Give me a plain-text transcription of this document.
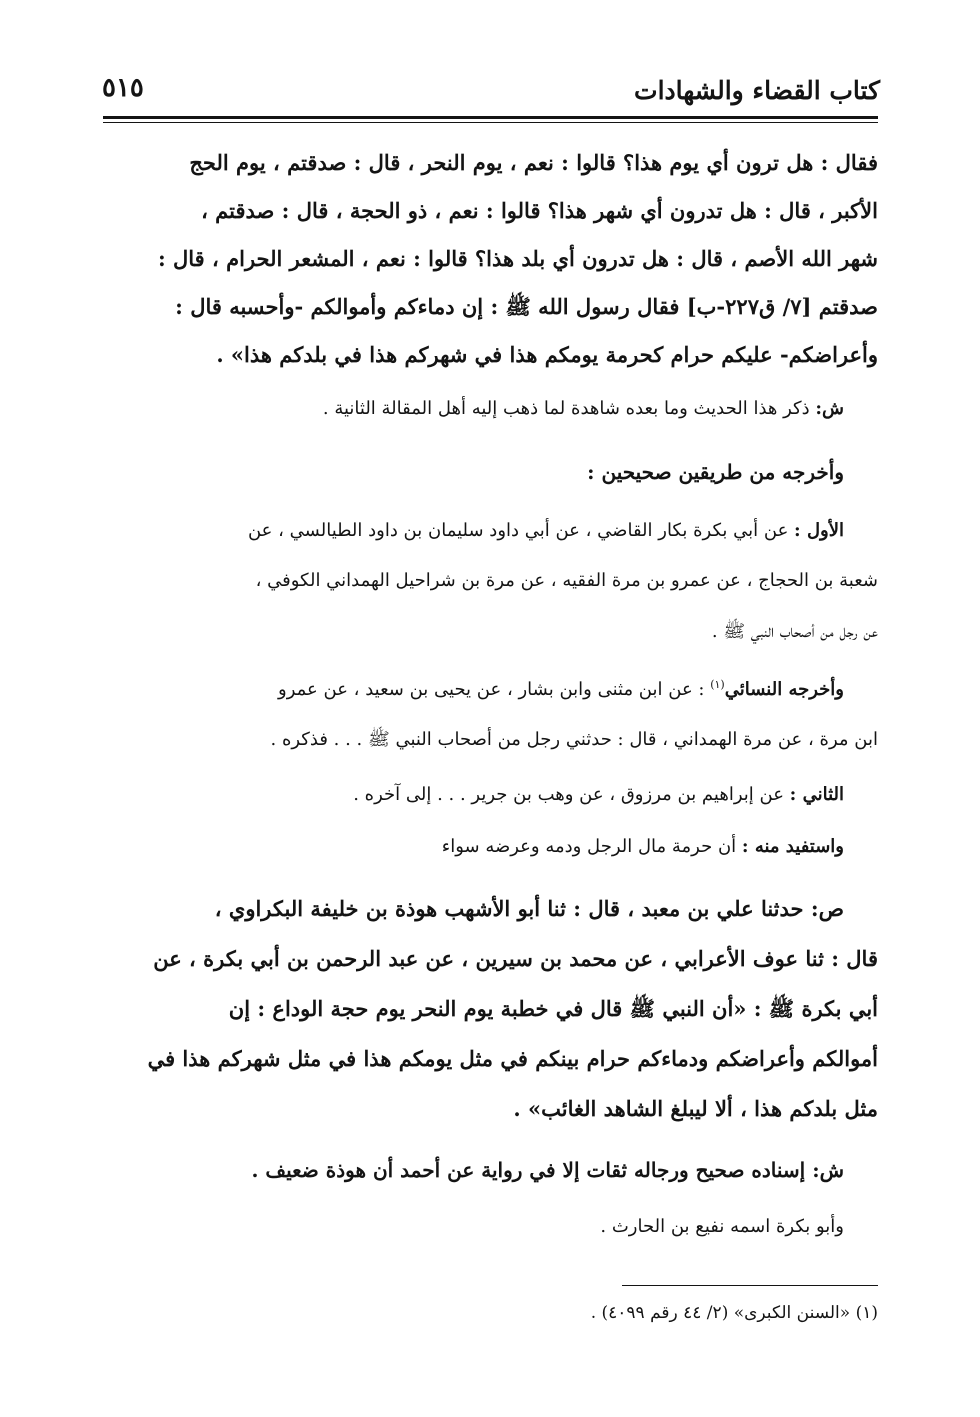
كتاب القضاء والشهادات
٥١٥
فقال : هل ترون أي يوم هذا؟ قالوا : نعم ، يوم النحر ، قال : صدقتم ، يوم الحج
الأكبر ، قال : هل تدرون أي شهر هذا؟ قالوا : نعم ، ذو الحجة ، قال : صدقتم ،
شهر الله الأصم ، قال : هل تدرون أي بلد هذا؟ قالوا : نعم ، المشعر الحرام ، قال :
صدقتم [٧/ ق٢٢٧-ب] فقال رسول الله ﷺ : إن دماءكم وأموالكم -وأحسبه قال :
وأعراضكم- عليكم حرام كحرمة يومكم هذا في شهركم هذا في بلدكم هذا» .
ش: ذكر هذا الحديث وما بعده شاهدة لما ذهب إليه أهل المقالة الثانية .
وأخرجه من طريقين صحيحين :
الأول : عن أبي بكرة بكار القاضي ، عن أبي داود سليمان بن داود الطيالسي ، عن
شعبة بن الحجاج ، عن عمرو بن مرة الفقيه ، عن مرة بن شراحيل الهمداني الكوفي ،
عن رجل من أصحاب النبي ﷺ .
وأخرجه النسائي$^{(١)}$ : عن ابن مثنى وابن بشار ، عن يحيى بن سعيد ، عن عمرو
ابن مرة ، عن مرة الهمداني ، قال : حدثني رجل من أصحاب النبي ﷺ . . . فذكره .
الثاني : عن إبراهيم بن مرزوق ، عن وهب بن جرير . . . إلى آخره .
واستفيد منه : أن حرمة مال الرجل ودمه وعرضه سواء
ص: حدثنا علي بن معبد ، قال : ثنا أبو الأشهب هوذة بن خليفة البكراوي ،
قال : ثنا عوف الأعرابي ، عن محمد بن سيرين ، عن عبد الرحمن بن أبي بكرة ، عن
أبي بكرة ﷺ : «أن النبي ﷺ قال في خطبة يوم النحر يوم حجة الوداع : إن
أموالكم وأعراضكم ودماءكم حرام بينكم في مثل يومكم هذا في مثل شهركم هذا في
مثل بلدكم هذا ، ألا ليبلغ الشاهد الغائب» .
ش: إسناده صحيح ورجاله ثقات إلا في رواية عن أحمد أن هوذة ضعيف .
وأبو بكرة اسمه نفيع بن الحارث .
(١) «السنن الكبرى» (٢/ ٤٤ رقم ٤٠٩٩) .
